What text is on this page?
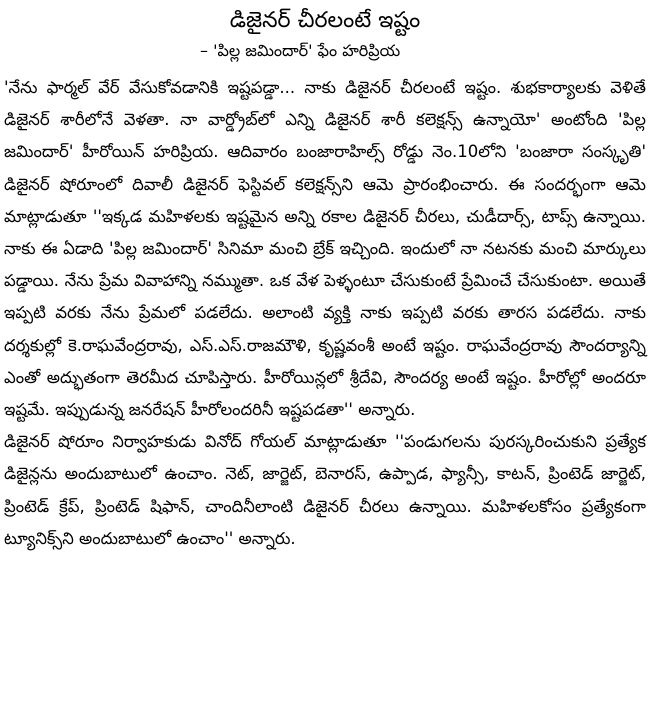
డిజైనర్ చీరలంటే ఇష్టం
– 'పిల్ల జమిందార్' ఫేం హరిప్రియ

'నేను ఫార్మల్ వేర్ వేసుకోవడానికి ఇష్టపడ్డా... నాకు డిజైనర్ చీరలంటే ఇష్టం. శుభకార్యాలకు వెళితే డిజైనర్ శారీలోనే వెళతా. నా వార్డ్రోబ్‌లో ఎన్ని డిజైనర్ శారీ కలెక్షన్స్ ఉన్నాయో' అంటోంది 'పిల్ల జమిందార్' హీరోయిన్ హరిప్రియ. ఆదివారం బంజారాహిల్స్ రోడ్డు నెం.10లోని 'బంజారా సంస్కృతి' డిజైనర్ షోరూంలో దివాలీ డిజైనర్ ఫెస్టివల్ కలెక్షన్స్‌ని ఆమె ప్రారంభించారు. ఈ సందర్భంగా ఆమె మాట్లాడుతూ ''ఇక్కడ మహిళలకు ఇష్టమైన అన్ని రకాల డిజైనర్ చీరలు, చుడీదార్స్, టాప్స్ ఉన్నాయి. నాకు ఈ ఏడాది 'పిల్ల జమిందార్' సినిమా మంచి బ్రేక్ ఇచ్చింది. ఇందులో నా నటనకు మంచి మార్కులు పడ్డాయి. నేను ప్రేమ వివాహాన్ని నమ్ముతా. ఒక వేళ పెళ్ళంటూ చేసుకుంటే ప్రేమించే చేసుకుంటా. అయితే ఇప్పటి వరకు నేను ప్రేమలో పడలేదు. అలాంటి వ్యక్తి నాకు ఇప్పటి వరకు తారస పడలేదు. నాకు దర్శకుల్లో కె.రాఘవేంద్రరావు, ఎస్.ఎస్.రాజమౌళి, కృష్ణవంశీ అంటే ఇష్టం. రాఘవేంద్రరావు సౌందర్యాన్ని ఎంతో అద్భుతంగా తెరమీద చూపిస్తారు. హీరోయిన్లలో శ్రీదేవి, సౌందర్య అంటే ఇష్టం. హీరోల్లో అందరూ ఇష్టమే. ఇప్పుడున్న జనరేషన్ హీరోలందరినీ ఇష్టపడతా'' అన్నారు.

డిజైనర్ షోరూం నిర్వాహకుడు వినోద్ గోయల్ మాట్లాడుతూ ''పండుగలను పురస్కరించుకుని ప్రత్యేక డిజైన్లను అందుబాటులో ఉంచాం. నెట్, జార్జెట్, బెనారస్, ఉప్పాడ, ఫ్యాన్సీ, కాటన్, ప్రింటెడ్ జార్జెట్, ప్రింటెడ్ క్రేప్, ప్రింటెడ్ షిఫాన్, చాందినీలాంటి డిజైనర్ చీరలు ఉన్నాయి. మహిళలకోసం ప్రత్యేకంగా ట్యూనిక్స్‌ని అందుబాటులో ఉంచాం'' అన్నారు.
